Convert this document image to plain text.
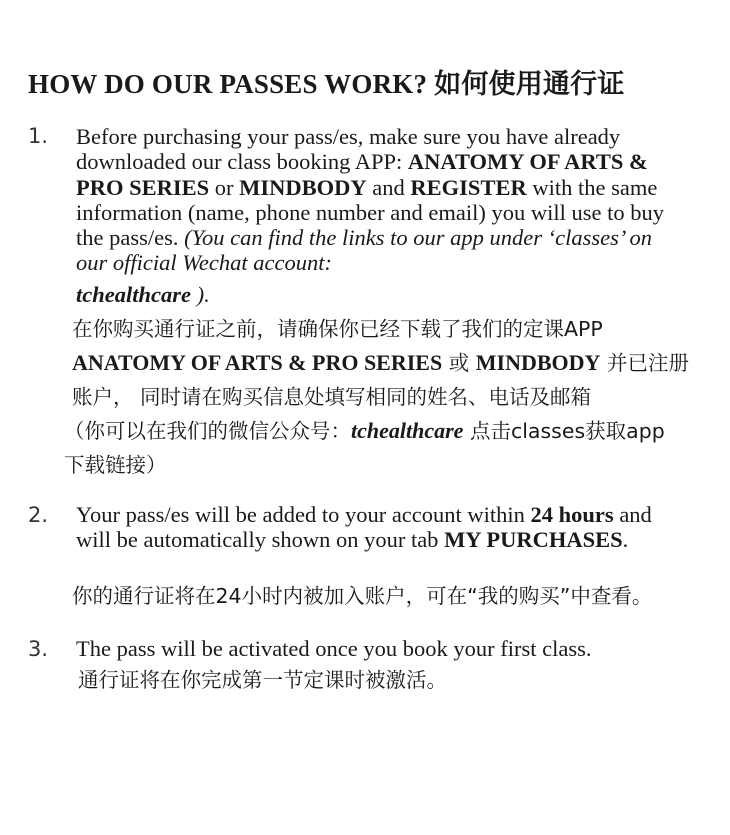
HOW DO OUR PASSES WORK? 如何使用通行证
1. Before purchasing your pass/es, make sure you have already downloaded our class booking APP: ANATOMY OF ARTS & PRO SERIES or MINDBODY and REGISTER with the same information (name, phone number and email) you will use to buy the pass/es. (You can find the links to our app under ‘classes’ on our official Wechat account:
tchealthcare ).
在你购买通行证之前，请确保你已经下载了我们的定课APP
ANATOMY OF ARTS & PRO SERIES 或 MINDBODY 并已注册账户， 同时请在购买信息处填写相同的姓名、电话及邮箱
（你可以在我们的微信公众号：tchealthcare 点击classes获取app下载链接）
2. Your pass/es will be added to your account within 24 hours and will be automatically shown on your tab MY PURCHASES.
你的通行证将在24小时内被加入账户，可在“我的购买”中查看。
3. The pass will be activated once you book your first class.
通行证将在你完成第一节定课时被激活。
